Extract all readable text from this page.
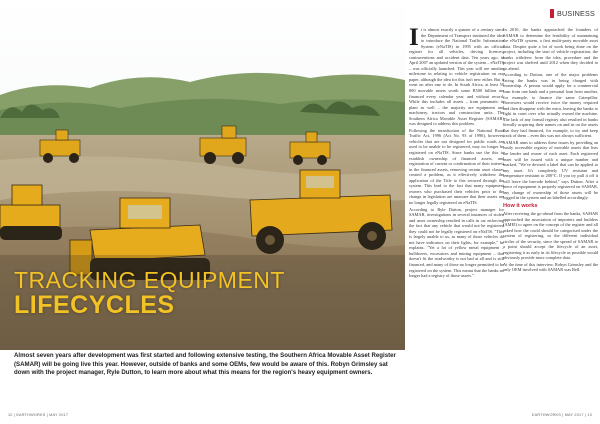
TRACKING EQUIPMENT
LIFECYCLES

Almost seven years after development was first started and following extensive testing, the Southern Africa Movable Asset Register (SAMAR) will be going live this year. However, outside of banks and some OEMs, few would be aware of this. Robyn Grimsley sat down with the project manager, Ryle Dutton, to learn more about what this means for the region's heavy equipment owners.

BUSINESS
I t is almost exactly a quarter of a century since the Department of Transport instituted the idea to introduce the National Traffic Information System (eNaTIS) in 1995 with an official register for all vehicles, driving licences, contraventions and accident data. Ten years ago, in April 2007 an updated version of the system – eNaTIS – was officially launched. This year will see another milestone in relating to vehicle registration on our paper, although the idea for this isn't new either. But it went on after one to do. In South Africa, at least 50 000 movable assets worth some R500 billion are financed every calendar year, and without record. While this includes all assets – from pneumatic to plant as well – the majority are equipment and machinery, tractors and construction units. The Southern Africa Movable Asset Register (SAMAR) was designed to address this problem.

Following the introduction of the National Road Traffic Act, 1996 (Act No. 93 of 1996), however, vehicles that are not designed for public roads are used to be unable to be registered, may no longer be registered on eNaTIS. Since banks use the this to establish ownership of financed assets, and registration of current or confirmation of their interest in the financed assets, removing certain asset classes created a problem, as it effectively withdrew the application of the Title to this secured through the system. This lead to the fact that many equipment owners who purchased their vehicles prior to the change in legislation are unaware that their assets are no longer legally registered on eNaTIS.

According to Ryle Dutton, project manager for SAMAR, investigations in several instances of stolen and asset ownership resulted in calls in car enforcing the fact that any vehicle that would not be registered they could not be legally registered on eNaTIS. "This is largely unable to us, as many of those vehicles do not have indicators on their lights, for example," he explains. "Yet a lot of yellow metal equipment – bulldozers, excavators and mining equipment – that doesn't fit the roadworthy is not bad at all and is still financed, and many of those no longer permitted to be registered on the system. This meant that the banks no longer had a registry of those assets."

In 2010, the banks approached the founders of SAMAR to determine the feasibility of maintaining the eNaTIS system, a first multi-party movable asset data. Despite quite a lot of work being done on the project, including the start of vehicle registration, the banks withdrew from the idea, procedure and the project was shelved until 2012 when they decided to go ahead.

According to Dutton, one of the major problems facing the banks was in being charged with ownership. A person would apply for a commercial loan from one bank and a personal loan from another, for example, to finance the same Caterpillar. Borrowers would receive twice the money required and then disappear with the extra, leaving the banks to fight in court over who actually owned the machine. The lack of any formal registry also resulted in banks literally acquiring their names on and in on the assets that they had financed, for example, to try and keep track of them – even this was not always sufficient.

SAMAR aims to address these issues by providing an easily accessible registry of movable assets that lists the lender and owner of each asset. Each registered asset will be issued with a unique number and marked, "We've devised a label that can be applied to any asset. It's completely UV resistant and temperature resistant to 200°C. If you try pull it off it will leave the barcode behind," says Dutton. After a piece of equipment is properly registered on SAMAR, any change of ownership of those assets will be logged in the system and an labelled accordingly.

How it works

After receiving the go-ahead from the banks, SAMAR approached the association of importers and builders (AMEI) to agree on the concept of the register and all asked how the could should be categorised under the system of registering, so the different individual circles of the security, since the spread of SAMAR to a point should accept the lifecycle of an asset, registering it as early in its lifecycle as possible would obviously provide more complete data.

At the time of this interview, Robyn Grimsley and the only OEM involved with SAMAR was Bell.

12 | EARTHWORKS | MAY 2017	EARTHWORKS | MAY 2017 | 13
